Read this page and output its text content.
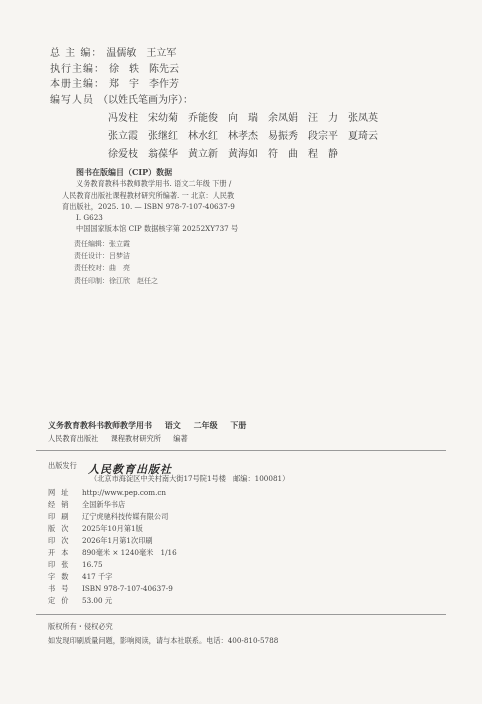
总 主 编： 温儒敏　王立军
执行主编： 徐　轶　陈先云
本册主编： 郑　宇　李作芳
编写人员 （以姓氏笔画为序）：
冯发柱	宋幼菊	乔能俊	向　瑞	余凤娟	汪　力	张凤英
张立霞	张继红	林水红	林孝杰	易振秀	段宗平	夏琦云
徐爱枝	翁葆华	黄立新	黄海如	符　曲	程　静
图书在版编目（CIP）数据
义务教育教科书教师教学用书. 语文二年级 下册 /
人民教育出版社课程教材研究所编著. 一 北京：人民教
育出版社，2025. 10. — ISBN 978-7-107-40637-9
Ⅰ. G623
中国国家版本馆 CIP 数据核字第 20252XY737 号
责任编辑：张立霞
责任设计：吕梦洁
责任校对：曲　亮
责任印制：徐江欣　赵任之
义务教育教科书教师教学用书 语文 二年级 下册
人民教育出版社 课程教材研究所 编著
出版发行	人民教育出版社
（北京市海淀区中关村南大街17号院1号楼　邮编：100081）
网址	http://www.pep.com.cn
经销	全国新华书店
印刷	辽宁虎驰科技传媒有限公司
版次	2025年10月第1版
印次	2026年1月第1次印刷
开本	890毫米 × 1240毫米　1/16
印张	16.75
字数	417 千字
书号	ISBN 978-7-107-40637-9
定价	53.00 元
版权所有・侵权必究
如发现印刷质量问题，影响阅读，请与本社联系。电话：400-810-5788
